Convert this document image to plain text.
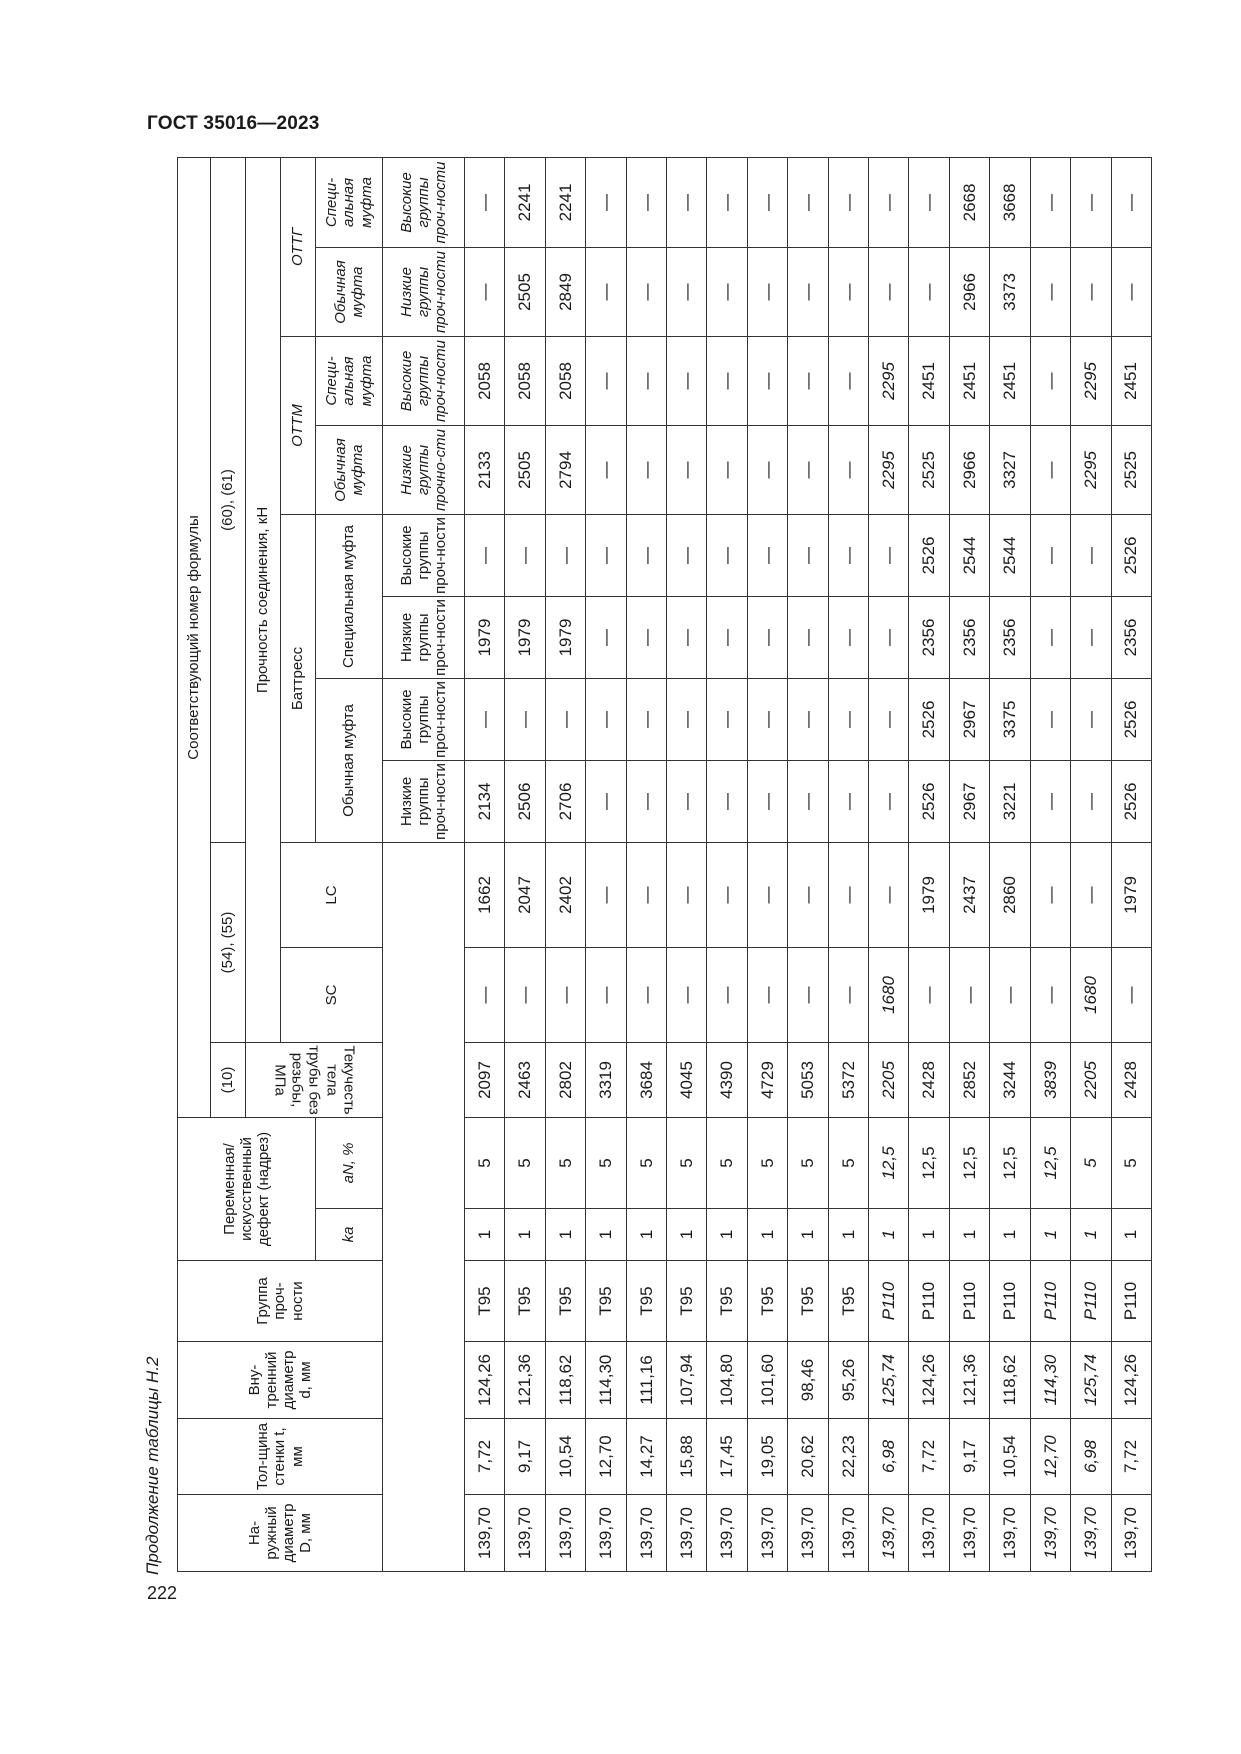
ГОСТ 35016—2023
Продолжение таблицы Н.2
222
На-ружный диаметр D, мм	Тол-щина стенки t, мм	Вну-тренний диаметр d, мм	Группа проч-ности	Переменная/ искусственный дефект (надрез)		Соответствующий номер формулы										
						(10)	(54), (55)		(60), (61)							

						Текучесть тела трубы без резьбы, МПа	Прочность соединения, кН									
							SC	LC	Баттресс				ОТТМ		ОТТГ	
				kа	aN, %				Обычная муфта		Специальная муфта		Обычная муфта	Специ-альная муфта	Обычная муфта	Специ-альная муфта
									Низкие группы проч-ности	Высокие группы проч-ности	Низкие группы проч-ности	Высокие группы проч-ности	Низкие группы прочно-сти	Высокие группы проч-ности	Низкие группы проч-ности	Высокие группы проч-ности
139,70	7,72	124,26	T95	1	5	2097	—	1662	2134	—	1979	—	2133	2058	—	—
139,70	9,17	121,36	T95	1	5	2463	—	2047	2506	—	1979	—	2505	2058	2505	2241
139,70	10,54	118,62	T95	1	5	2802	—	2402	2706	—	1979	—	2794	2058	2849	2241
139,70	12,70	114,30	T95	1	5	3319	—	—	—	—	—	—	—	—	—	—
139,70	14,27	111,16	T95	1	5	3684	—	—	—	—	—	—	—	—	—	—
139,70	15,88	107,94	T95	1	5	4045	—	—	—	—	—	—	—	—	—	—
139,70	17,45	104,80	T95	1	5	4390	—	—	—	—	—	—	—	—	—	—
139,70	19,05	101,60	T95	1	5	4729	—	—	—	—	—	—	—	—	—	—
139,70	20,62	98,46	T95	1	5	5053	—	—	—	—	—	—	—	—	—	—
139,70	22,23	95,26	T95	1	5	5372	—	—	—	—	—	—	—	—	—	—
139,70	6,98	125,74	P110	1	12,5	2205	1680	—	—	—	—	—	2295	2295	—	—
139,70	7,72	124,26	P110	1	12,5	2428	—	1979	2526	2526	2356	2526	2525	2451	—	—
139,70	9,17	121,36	P110	1	12,5	2852	—	2437	2967	2967	2356	2544	2966	2451	2966	2668
139,70	10,54	118,62	P110	1	12,5	3244	—	2860	3221	3375	2356	2544	3327	2451	3373	3668
139,70	12,70	114,30	P110	1	12,5	3839	—	—	—	—	—	—	—	—	—	—
139,70	6,98	125,74	P110	1	5	2205	1680	—	—	—	—	—	2295	2295	—	—
139,70	7,72	124,26	P110	1	5	2428	—	1979	2526	2526	2356	2526	2525	2451	—	—
